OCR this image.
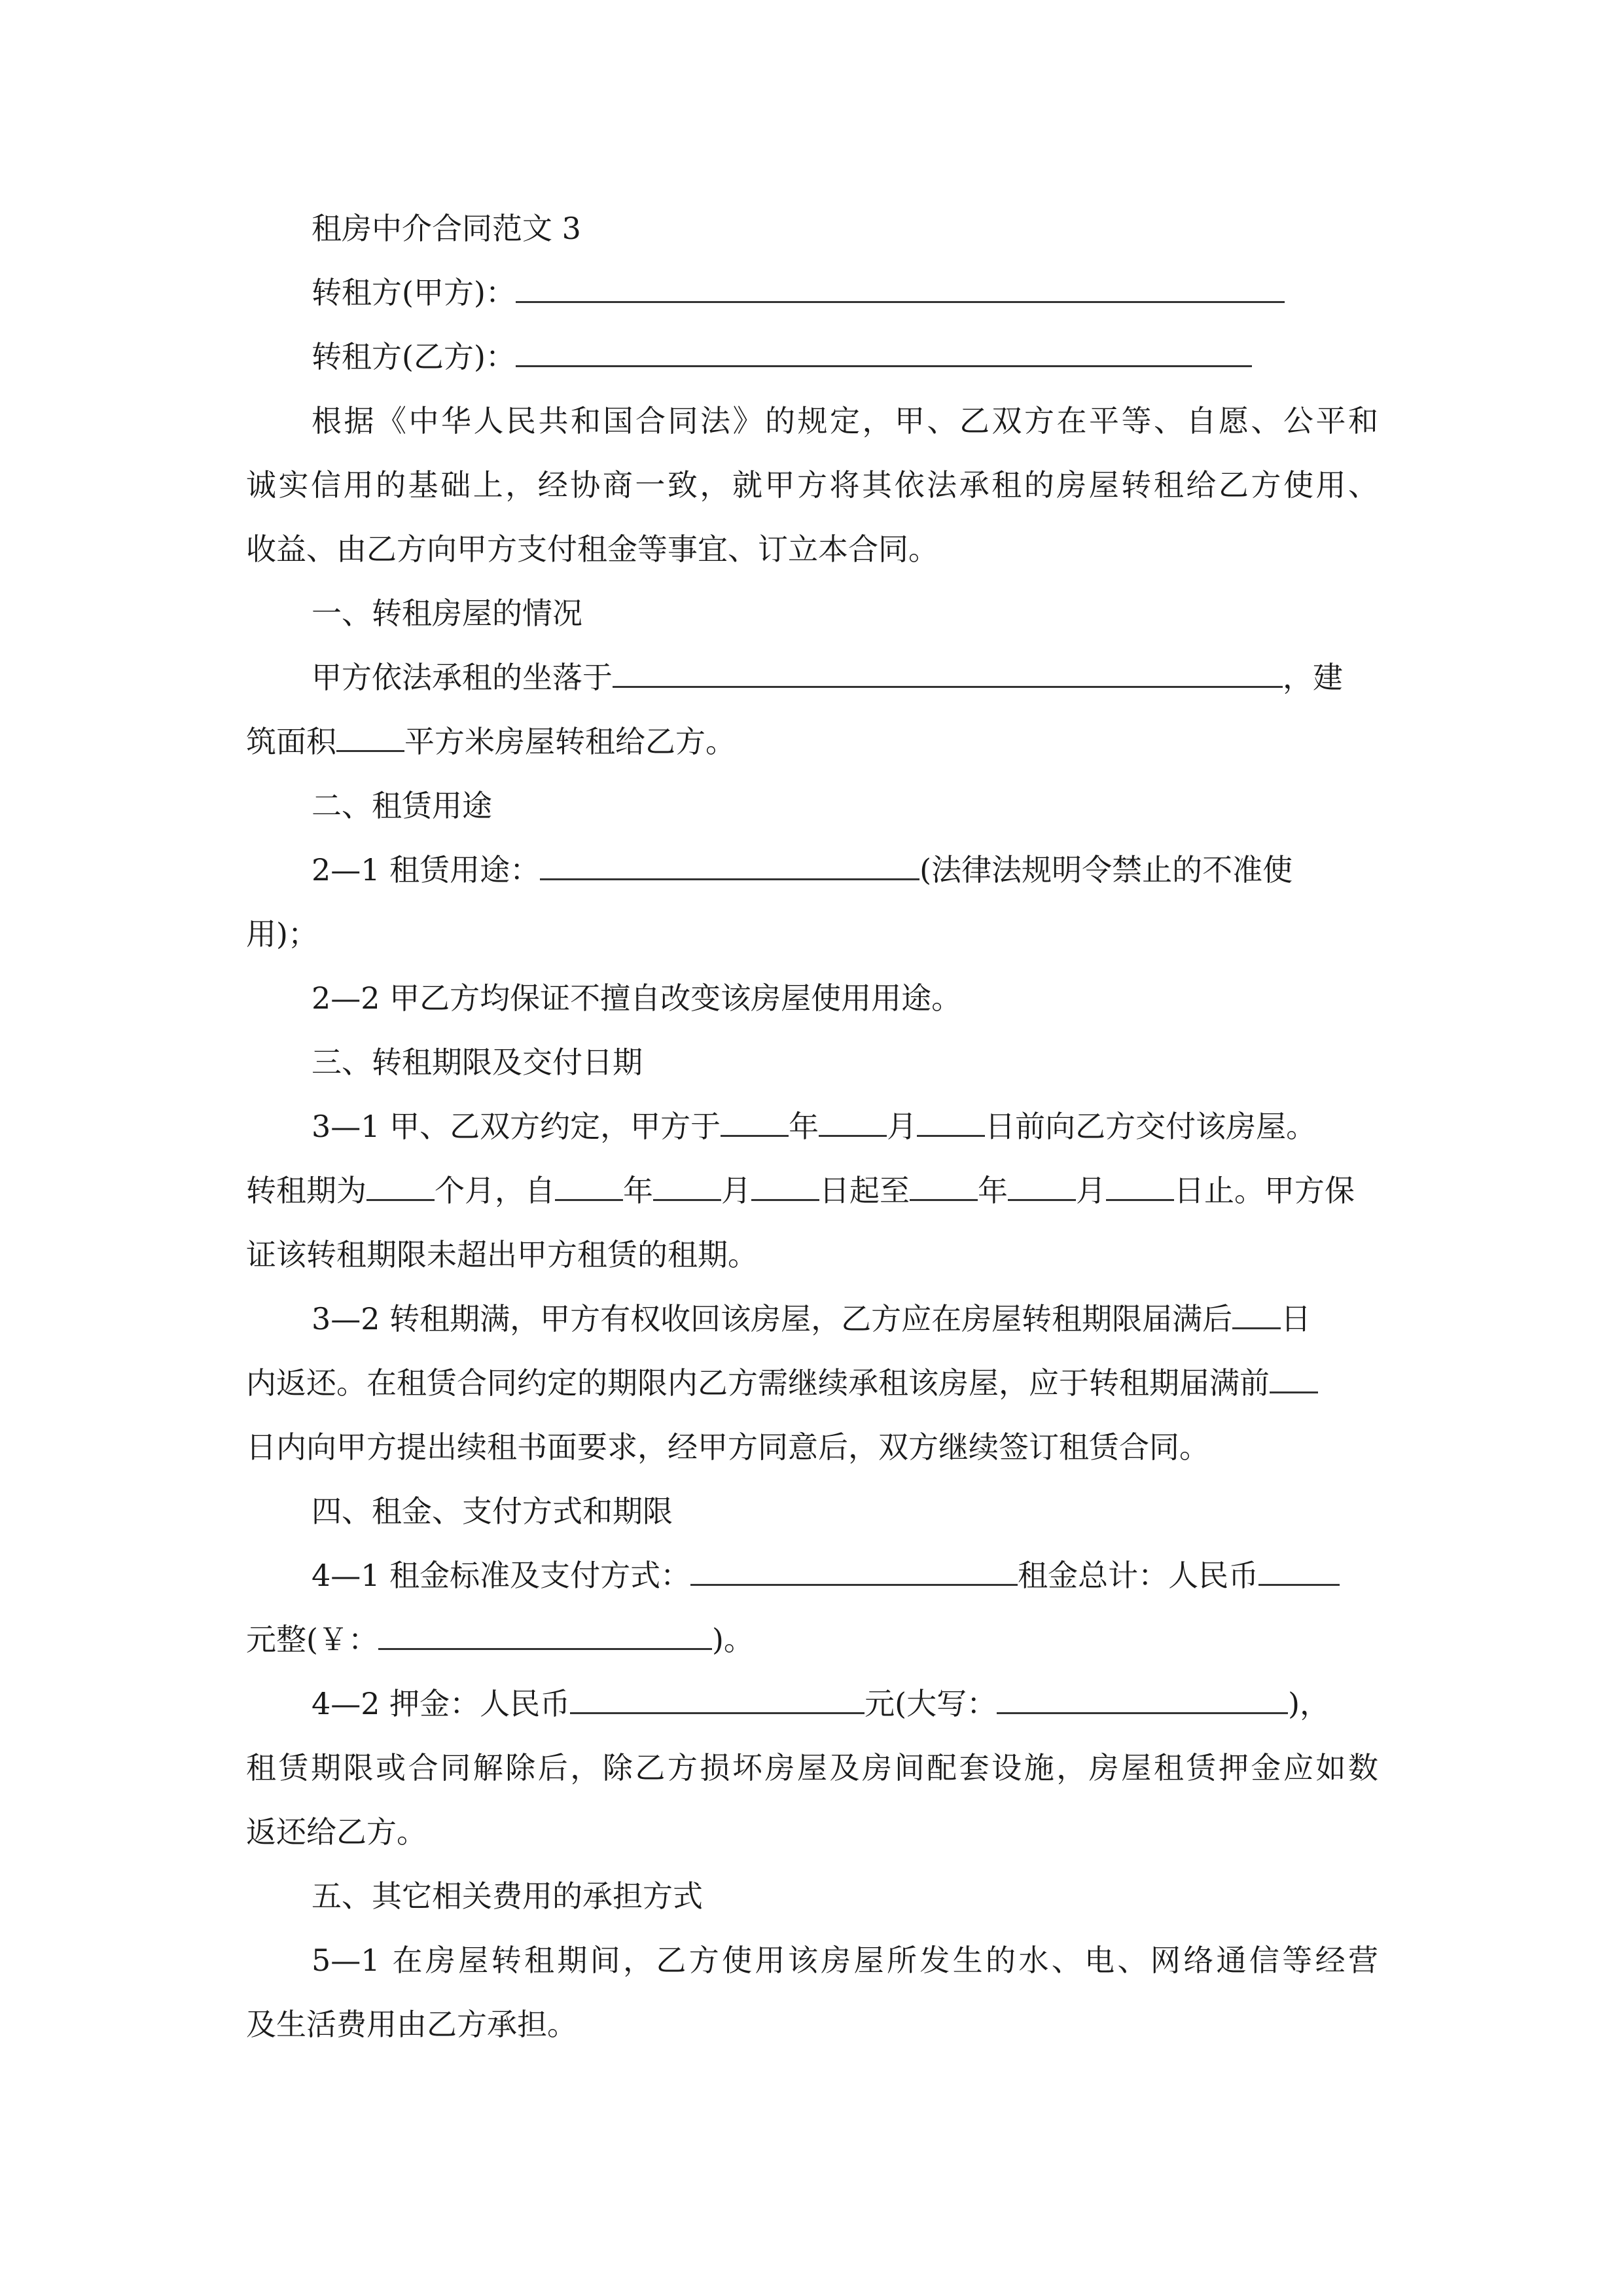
租房中介合同范文 3
转租方(甲方)：
转租方(乙方)：
根据《中华人民共和国合同法》的规定，甲、乙双方在平等、自愿、公平和
诚实信用的基础上，经协商一致，就甲方将其依法承租的房屋转租给乙方使用、
收益、由乙方向甲方支付租金等事宜、订立本合同。
一、转租房屋的情况
甲方依法承租的坐落于	，建
筑面积 平方米房屋转租给乙方。
二、租赁用途
2—1 租赁用途：	(法律法规明令禁止的不准使
用)；
2—2 甲乙方均保证不擅自改变该房屋使用用途。
三、转租期限及交付日期
3—1 甲、乙双方约定，甲方于 年 月 日前向乙方交付该房屋。
转租期为 个月，自 年 月 日起至 年 月 日止。甲方保
证该转租期限未超出甲方租赁的租期。
3—2 转租期满，甲方有权收回该房屋，乙方应在房屋转租期限届满后 日
内返还。在租赁合同约定的期限内乙方需继续承租该房屋，应于转租期届满前
日内向甲方提出续租书面要求，经甲方同意后，双方继续签订租赁合同。
四、租金、支付方式和期限
4—1 租金标准及支付方式：	租金总计：人民币
元整(￥：	)。
4—2 押金：人民币	元(大写：	)，
租赁期限或合同解除后，除乙方损坏房屋及房间配套设施，房屋租赁押金应如数
返还给乙方。
五、其它相关费用的承担方式
5—1 在房屋转租期间，乙方使用该房屋所发生的水、电、网络通信等经营
及生活费用由乙方承担。
